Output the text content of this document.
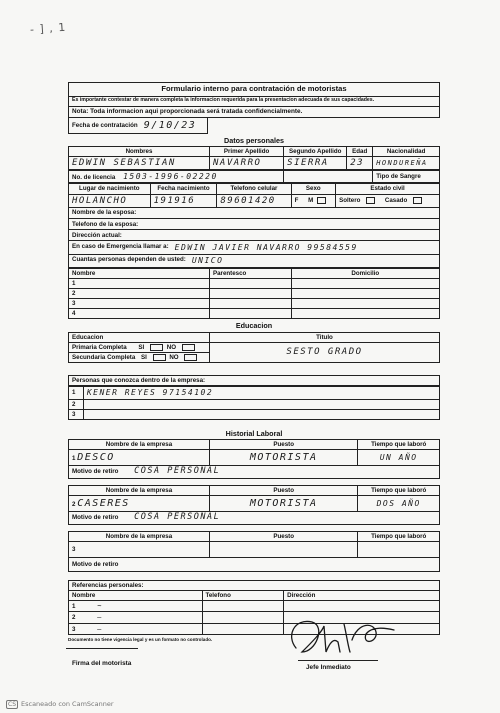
- ] , 1
Formulario interno para contratación de motoristas
Es importante contestar de manera completa la informacion requerida para la presentacion adecuada de sus capacidades.
Nota: Toda informacion aqui proporcionada será tratada confidencialmente.
Fecha de contratación 9/10/23
Datos personales
Nombres	Primer Apellido	Segundo Apellido	Edad	Nacionalidad
EDWIN SEBASTIAN	NAVARRO	SIERRA	23	HONDUREÑA
No. de licencia 1503-1996-02220		Tipo de Sangre
Lugar de nacimiento	Fecha nacimiento	Telefono celular	Sexo	Estado civil
HOLANCHO	191916	89601420	F M	Soltero Casado
Nombre de la esposa:
Telefono de la esposa:
Dirección actual:
En caso de Emergencia llamar a: EDWIN JAVIER NAVARRO 99584559
Cuantas personas dependen de usted: UNICO
Nombre	Parentesco	Domicilio
1		
2		
3		
4		
Educacion
Educacion	Titulo
Primaria Completa SI NO	SESTO GRADO
Secundaria Completa SI NO	
Personas que conozca dentro de la empresa:
1	KENER REYES 97154102
2	
3	
Historial Laboral
Nombre de la empresa	Puesto	Tiempo que laboró
1 DESCO	MOTORISTA	UN AÑO
Motivo de retiro COSA PERSONAL		
Nombre de la empresa	Puesto	Tiempo que laboró
2 CASERES	MOTORISTA	DOS AÑO
Motivo de retiro COSA PERSONAL		
Nombre de la empresa	Puesto	Tiempo que laboró
3		
Motivo de retiro		
Referencias personales:
Nombre	Telefono	Dirección
1 ~		
2 —		
3 —		
Documento no tiene vigencia legal y es un formato no controlado.
Firma del motorista
Jefe Inmediato
CS Escaneado con CamScanner
